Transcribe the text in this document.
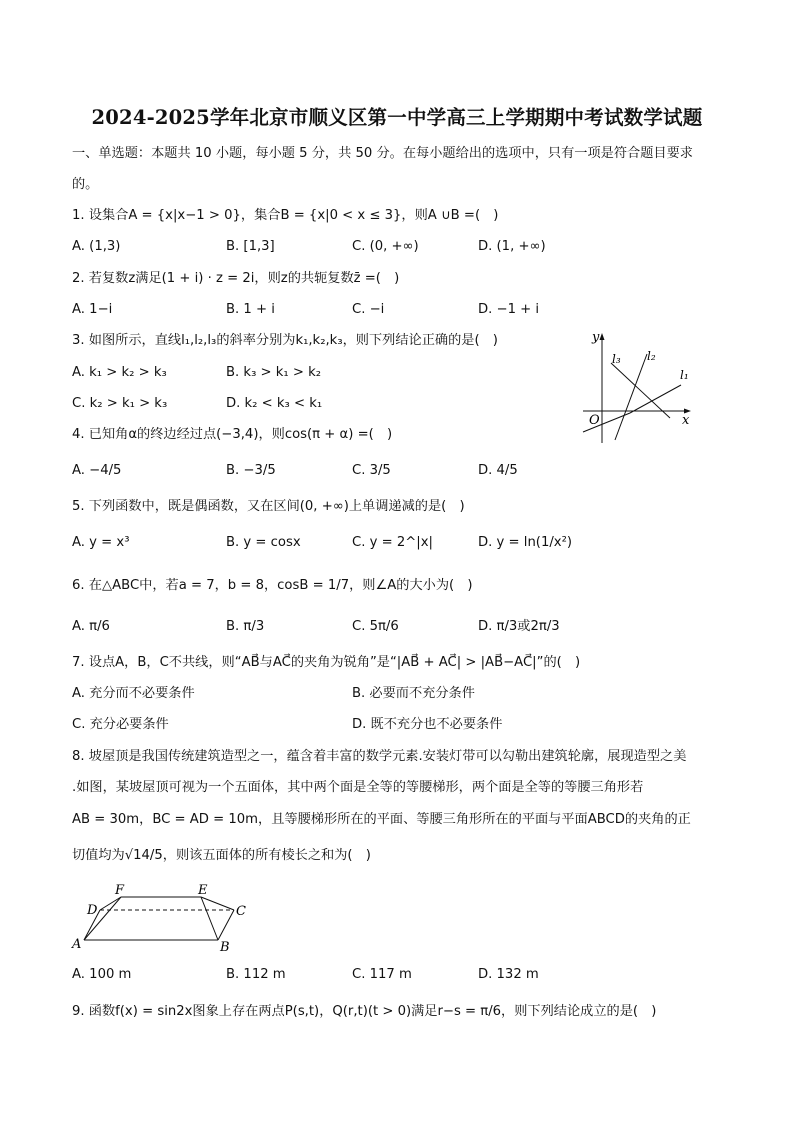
2024-2025学年北京市顺义区第一中学高三上学期期中考试数学试题
一、单选题：本题共 10 小题，每小题 5 分，共 50 分。在每小题给出的选项中，只有一项是符合题目要求
的。
1. 设集合A = {x|x−1 > 0}，集合B = {x|0 < x ≤ 3}，则A ∪B =(　)
A. (1,3)	B. [1,3]	C. (0, +∞)	D. (1, +∞)
2. 若复数z满足(1 + i) · z = 2i，则z的共轭复数z̄ =(　)
A. 1−i	B. 1 + i	C. −i	D. −1 + i
3. 如图所示，直线l₁,l₂,l₃的斜率分别为k₁,k₂,k₃，则下列结论正确的是(　)
A. k₁ > k₂ > k₃	B. k₃ > k₁ > k₂
C. k₂ > k₁ > k₃	D. k₂ < k₃ < k₁
y
x
O
l₃ l₂
l₁
4. 已知角α的终边经过点(−3,4)，则cos(π + α) =(　)
A. −4/5	B. −3/5	C. 3/5	D. 4/5
5. 下列函数中，既是偶函数，又在区间(0, +∞)上单调递减的是(　)
A. y = x³	B. y = cosx	C. y = 2^|x|	D. y = ln(1/x²)
6. 在△ABC中，若a = 7，b = 8，cosB = 1/7，则∠A的大小为(　)
A. π/6	B. π/3	C. 5π/6	D. π/3或2π/3
7. 设点A，B，C不共线，则“AB⃗与AC⃗的夹角为锐角”是“|AB⃗ + AC⃗| > |AB⃗−AC⃗|”的(　)
A. 充分而不必要条件	B. 必要而不充分条件
C. 充分必要条件	D. 既不充分也不必要条件
8. 坡屋顶是我国传统建筑造型之一，蕴含着丰富的数学元素.安装灯带可以勾勒出建筑轮廓，展现造型之美
.如图，某坡屋顶可视为一个五面体，其中两个面是全等的等腰梯形，两个面是全等的等腰三角形若
AB = 30m，BC = AD = 10m，且等腰梯形所在的平面、等腰三角形所在的平面与平面ABCD的夹角的正
切值均为√14/5，则该五面体的所有棱长之和为(　)
A	B
C
D
E
F
A. 100 m	B. 112 m	C. 117 m	D. 132 m
9. 函数f(x) = sin2x图象上存在两点P(s,t)，Q(r,t)(t > 0)满足r−s = π/6，则下列结论成立的是(　)
